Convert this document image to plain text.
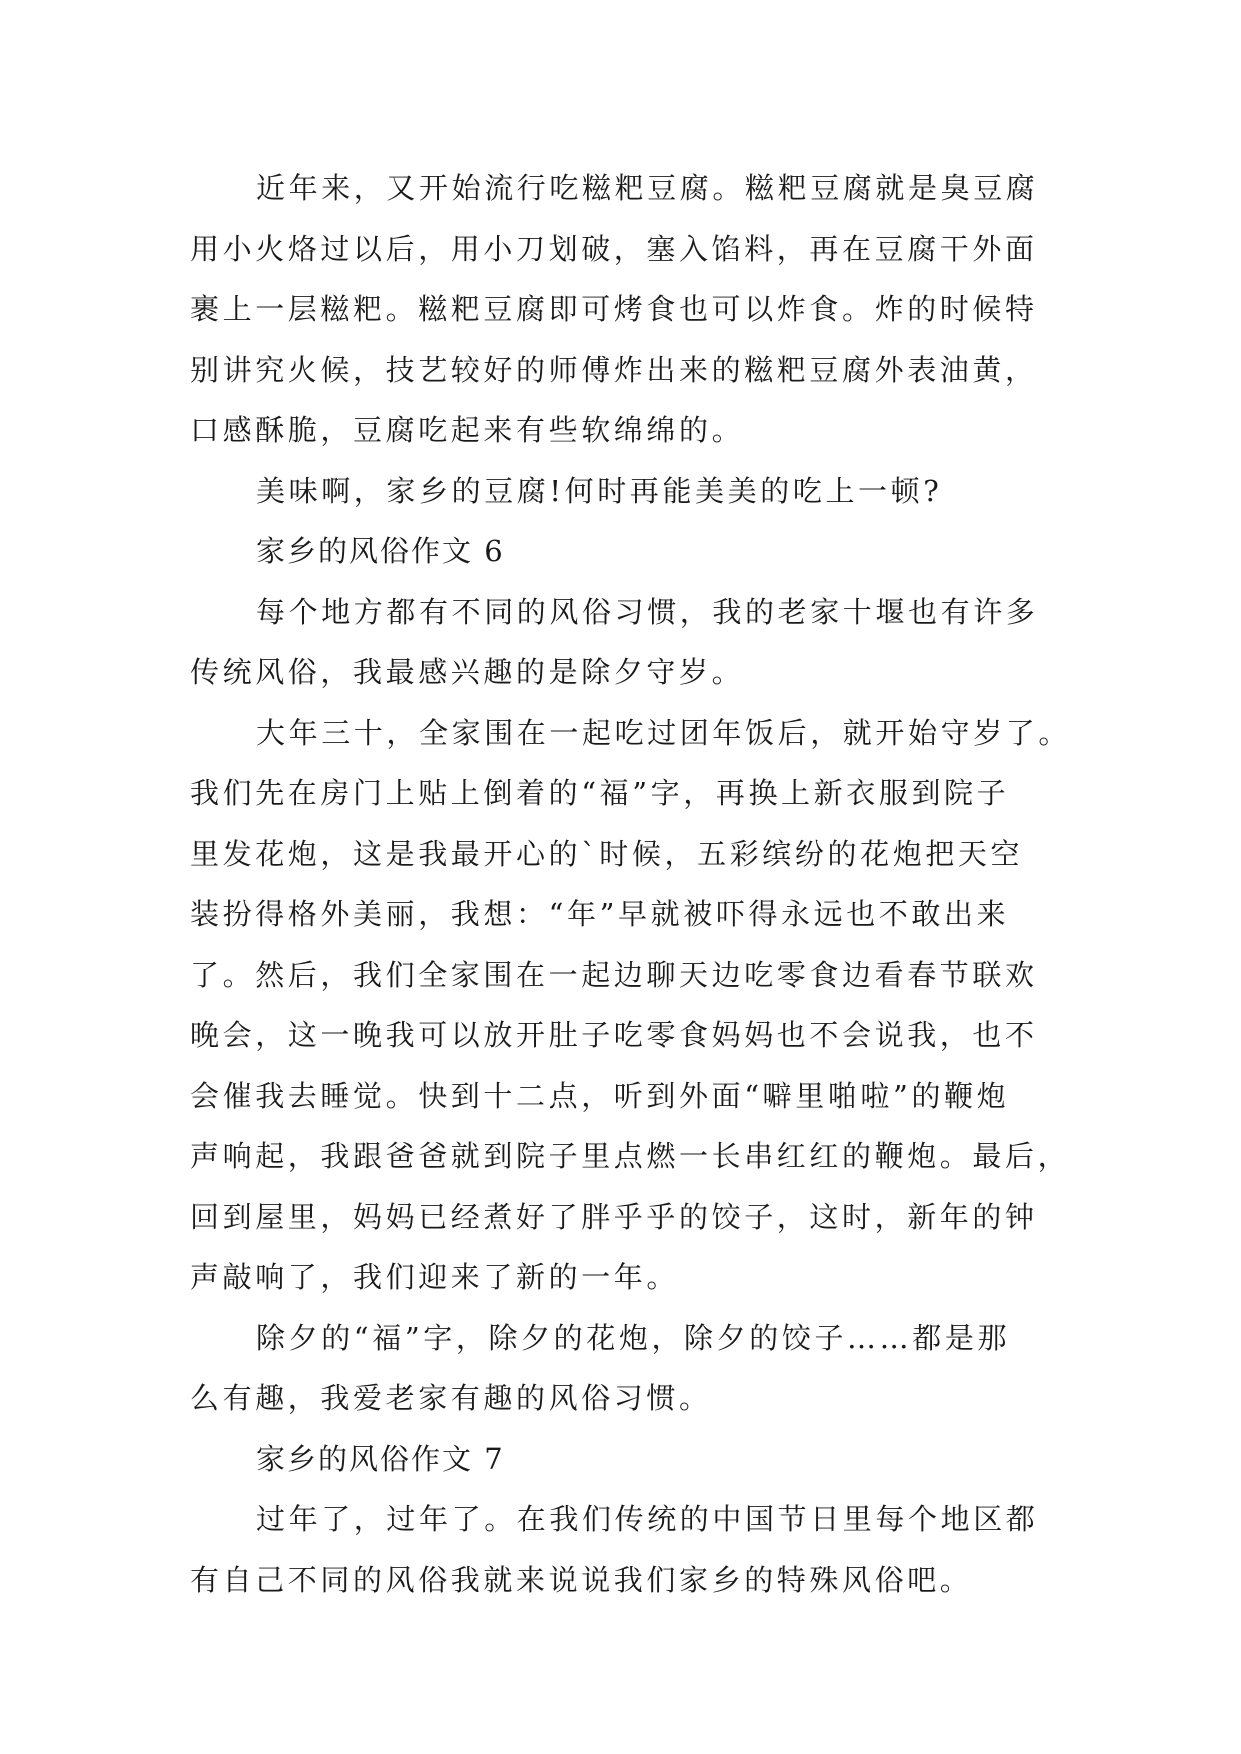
近年来，又开始流行吃糍粑豆腐。糍粑豆腐就是臭豆腐
用小火烙过以后，用小刀划破，塞入馅料，再在豆腐干外面
裹上一层糍粑。糍粑豆腐即可烤食也可以炸食。炸的时候特
别讲究火候，技艺较好的师傅炸出来的糍粑豆腐外表油黄，
口感酥脆，豆腐吃起来有些软绵绵的。
美味啊，家乡的豆腐!何时再能美美的吃上一顿?
家乡的风俗作文 6
每个地方都有不同的风俗习惯，我的老家十堰也有许多
传统风俗，我最感兴趣的是除夕守岁。
大年三十，全家围在一起吃过团年饭后，就开始守岁了。
我们先在房门上贴上倒着的“福”字，再换上新衣服到院子
里发花炮，这是我最开心的`时候，五彩缤纷的花炮把天空
装扮得格外美丽，我想：“年”早就被吓得永远也不敢出来
了。然后，我们全家围在一起边聊天边吃零食边看春节联欢
晚会，这一晚我可以放开肚子吃零食妈妈也不会说我，也不
会催我去睡觉。快到十二点，听到外面“噼里啪啦”的鞭炮
声响起，我跟爸爸就到院子里点燃一长串红红的鞭炮。最后，
回到屋里，妈妈已经煮好了胖乎乎的饺子，这时，新年的钟
声敲响了，我们迎来了新的一年。
除夕的“福”字，除夕的花炮，除夕的饺子……都是那
么有趣，我爱老家有趣的风俗习惯。
家乡的风俗作文 7
过年了，过年了。在我们传统的中国节日里每个地区都
有自己不同的风俗我就来说说我们家乡的特殊风俗吧。
